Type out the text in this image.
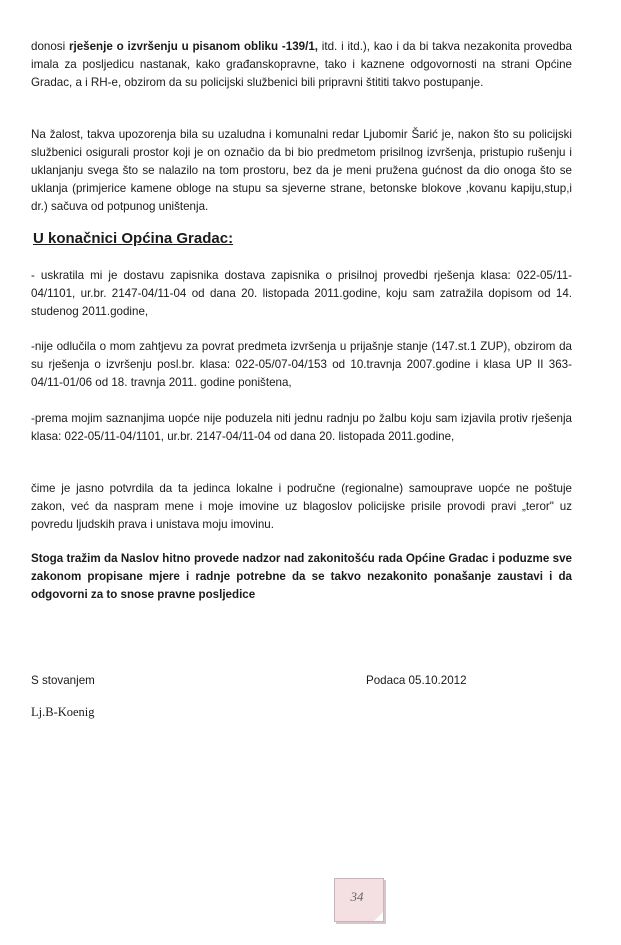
donosi rješenje o izvršenju u pisanom obliku -139/1, itd. i itd.), kao i da bi takva nezakonita provedba imala za posljedicu nastanak, kako građanskopravne, tako i kaznene odgovornosti na strani Općine Gradac, a i RH-e, obzirom da su policijski službenici bili pripravni štititi takvo postupanje.

Na žalost, takva upozorenja bila su uzaludna i komunalni redar Ljubomir Šarić je, nakon što su policijski službenici osigurali prostor koji je on označio da bi bio predmetom prisilnog izvršenja, pristupio rušenju i uklanjanju svega što se nalazilo na tom prostoru, bez da je meni pružena gućnost da dio onoga što se uklanja (primjerice kamene obloge na stupu sa sjeverne strane, betonske blokove ,kovanu kapiju,stup,i dr.) sačuva od potpunog uništenja.

U konačnici Općina Gradac:

- uskratila mi je dostavu zapisnika dostava zapisnika o prisilnoj provedbi rješenja klasa: 022-05/11-04/1101, ur.br. 2147-04/11-04 od dana 20. listopada 2011.godine, koju sam zatražila dopisom od 14. studenog 2011.godine,

-nije odlučila o mom zahtjevu za povrat predmeta izvršenja u prijašnje stanje (147.st.1 ZUP), obzirom da su rješenja o izvršenju posl.br. klasa: 022-05/07-04/153 od 10.travnja 2007.godine i klasa UP II 363-04/11-01/06 od 18. travnja 2011. godine poništena,

-prema mojim saznanjima uopće nije poduzela niti jednu radnju po žalbu koju sam izjavila protiv rješenja klasa: 022-05/11-04/1101, ur.br. 2147-04/11-04 od dana 20. listopada 2011.godine,

čime je jasno potvrdila da ta jedinca lokalne i područne (regionalne) samouprave uopće ne poštuje zakon, već da naspram mene i moje imovine uz blagoslov policijske prisile provodi pravi „teror" uz povredu ljudskih prava i unistava moju imovinu.

Stoga tražim da Naslov hitno provede nadzor nad zakonitošću rada Općine Gradac i poduzme sve zakonom propisane mjere i radnje potrebne da se takvo nezakonito ponašanje zaustavi i da odgovorni za to snose pravne posljedice

S stovanjem	Podaca 05.10.2012
Lj.B-Koenig
34
